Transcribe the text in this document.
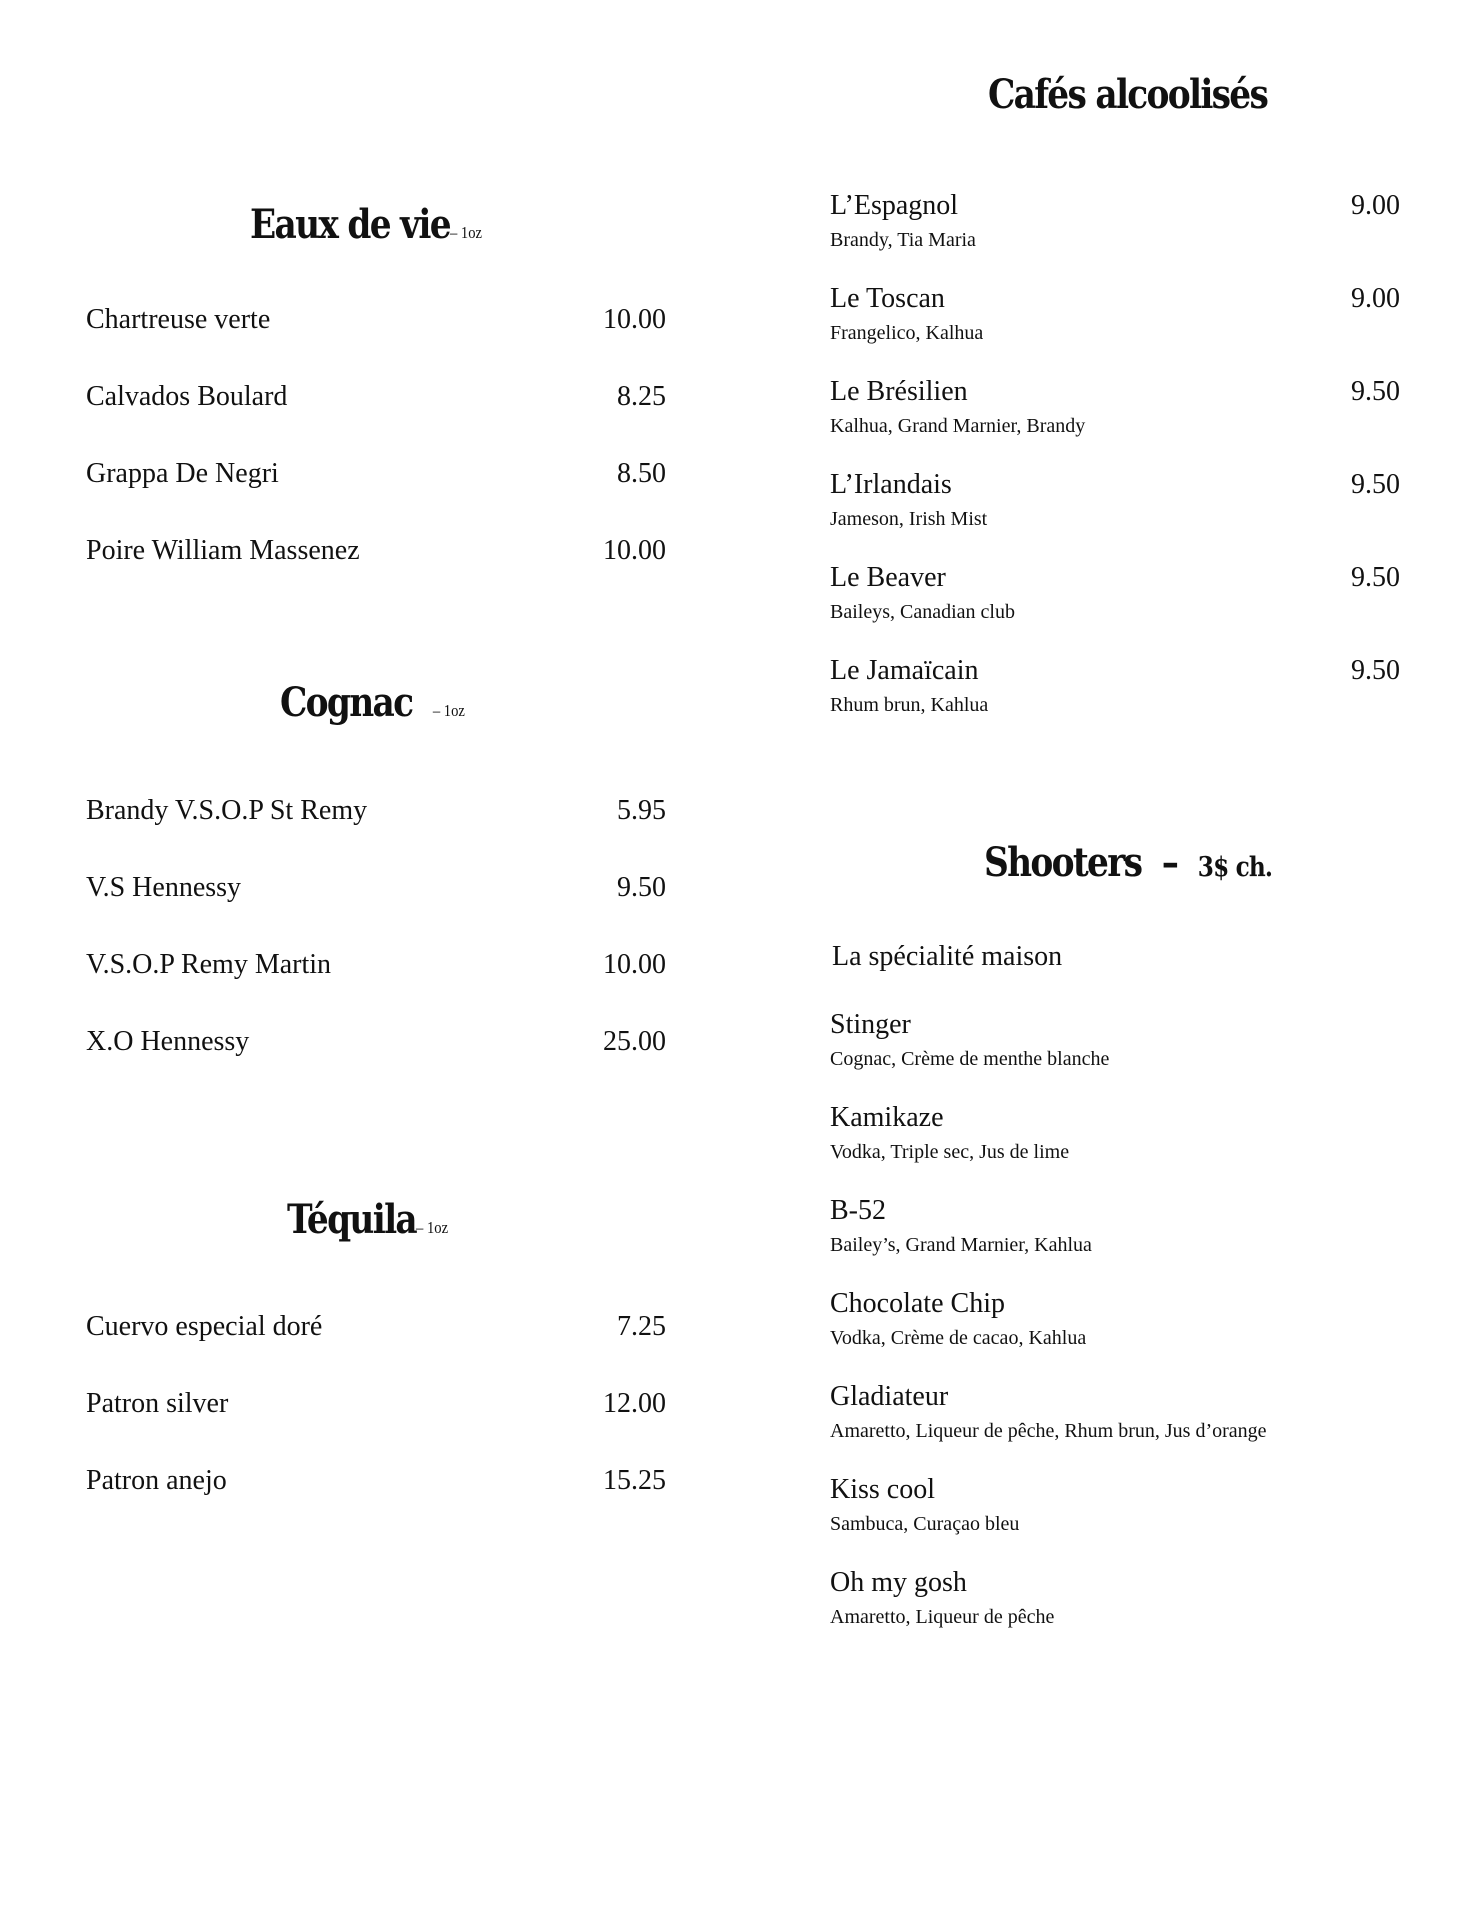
Eaux de vie– 1oz
Chartreuse verte	10.00
Calvados Boulard	8.25
Grappa De Negri	8.50
Poire William Massenez	10.00
Cognac – 1oz
Brandy V.S.O.P St Remy	5.95
V.S Hennessy	9.50
V.S.O.P Remy Martin	10.00
X.O Hennessy	25.00
Téquila– 1oz
Cuervo especial doré	7.25
Patron silver	12.00
Patron anejo	15.25
Cafés alcoolisés
L’Espagnol	9.00
Brandy, Tia Maria
Le Toscan	9.00
Frangelico, Kalhua
Le Brésilien	9.50
Kalhua, Grand Marnier, Brandy
L’Irlandais	9.50
Jameson, Irish Mist
Le Beaver	9.50
Baileys, Canadian club
Le Jamaïcain	9.50
Rhum brun, Kahlua
Shooters – 3$ ch.
La spécialité maison
Stinger
Cognac, Crème de menthe blanche
Kamikaze
Vodka, Triple sec, Jus de lime
B-52
Bailey’s, Grand Marnier, Kahlua
Chocolate Chip
Vodka, Crème de cacao, Kahlua
Gladiateur
Amaretto, Liqueur de pêche, Rhum brun, Jus d’orange
Kiss cool
Sambuca, Curaçao bleu
Oh my gosh
Amaretto, Liqueur de pêche
